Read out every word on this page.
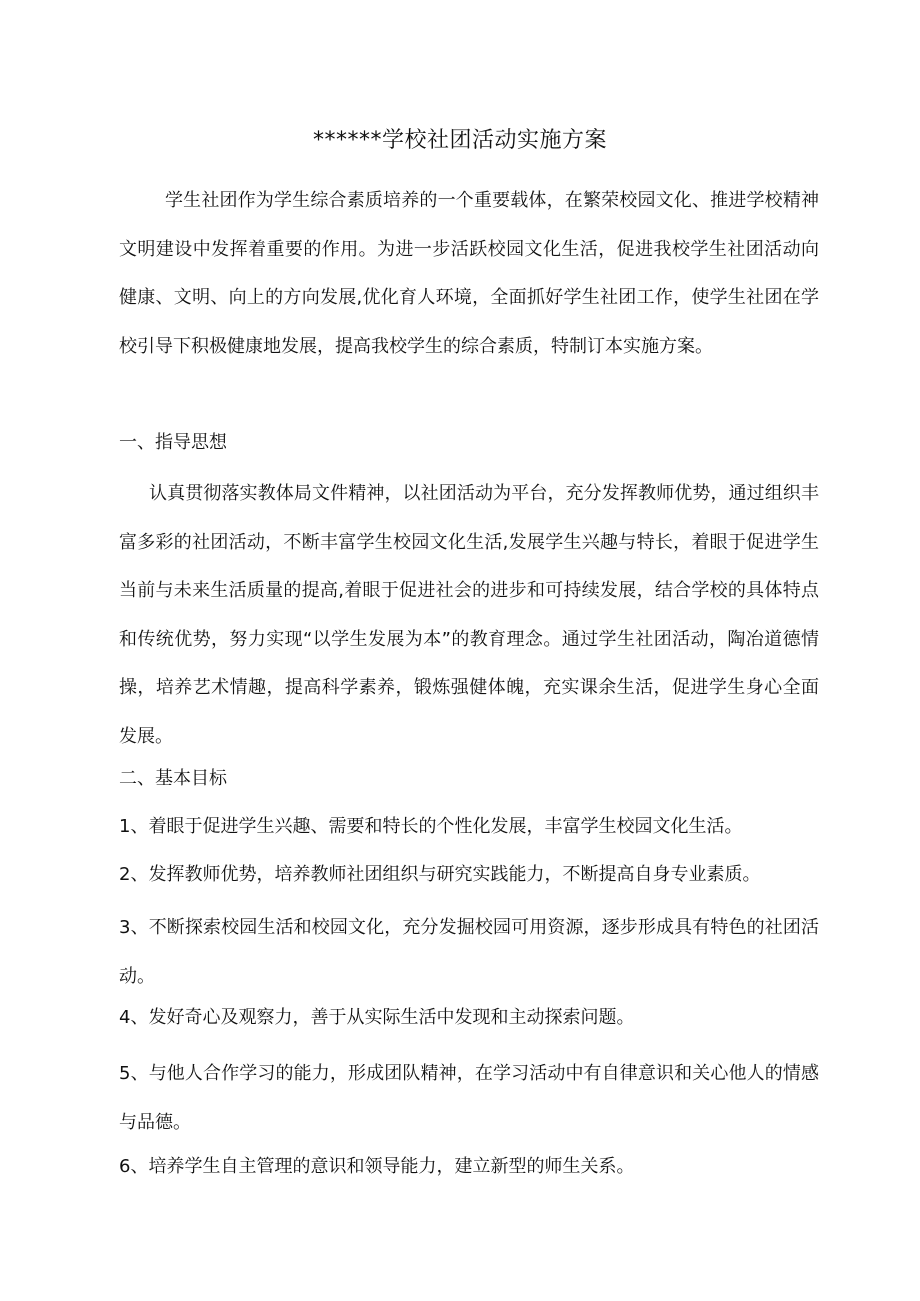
******学校社团活动实施方案
学生社团作为学生综合素质培养的一个重要载体，在繁荣校园文化、推进学校精神文明建设中发挥着重要的作用。为进一步活跃校园文化生活，促进我校学生社团活动向健康、文明、向上的方向发展,优化育人环境，全面抓好学生社团工作，使学生社团在学校引导下积极健康地发展，提高我校学生的综合素质，特制订本实施方案。
一、指导思想
认真贯彻落实教体局文件精神，以社团活动为平台，充分发挥教师优势，通过组织丰富多彩的社团活动，不断丰富学生校园文化生活,发展学生兴趣与特长，着眼于促进学生当前与未来生活质量的提高,着眼于促进社会的进步和可持续发展，结合学校的具体特点和传统优势，努力实现“以学生发展为本”的教育理念。通过学生社团活动，陶冶道德情操，培养艺术情趣，提高科学素养，锻炼强健体魄，充实课余生活，促进学生身心全面发展。
二、基本目标
1、着眼于促进学生兴趣、需要和特长的个性化发展，丰富学生校园文化生活。
2、发挥教师优势，培养教师社团组织与研究实践能力，不断提高自身专业素质。
3、不断探索校园生活和校园文化，充分发掘校园可用资源，逐步形成具有特色的社团活动。
4、发好奇心及观察力，善于从实际生活中发现和主动探索问题。
5、与他人合作学习的能力，形成团队精神，在学习活动中有自律意识和关心他人的情感与品德。
6、培养学生自主管理的意识和领导能力，建立新型的师生关系。
